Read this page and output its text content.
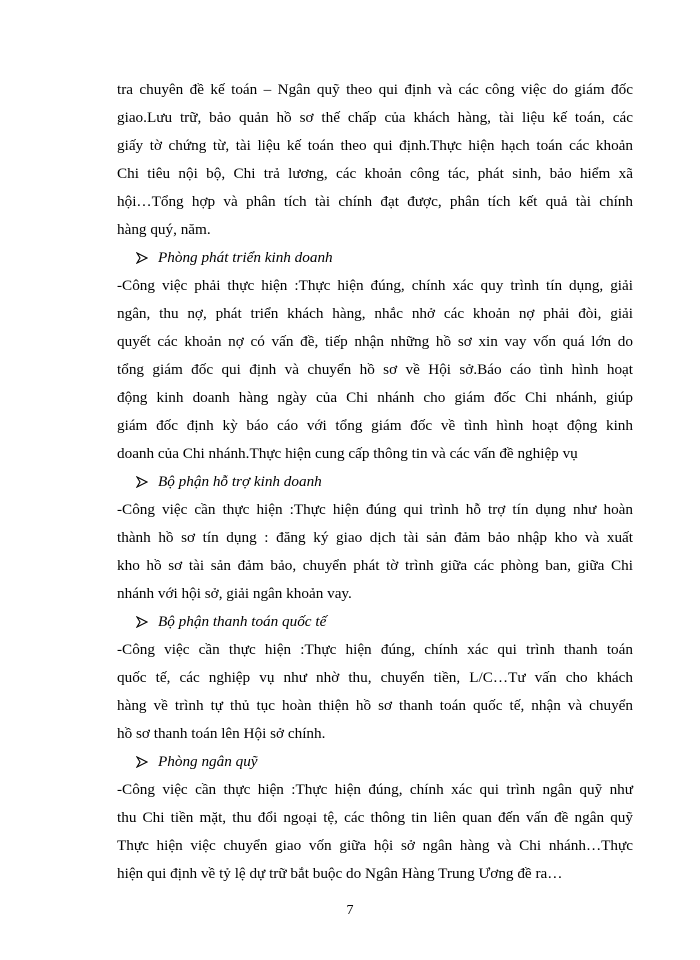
tra chuyên đề kế toán – Ngân quỹ theo qui định và các công việc do giám đốc
giao.Lưu trữ, bảo quản hồ sơ thế chấp của khách hàng, tài liệu kế toán, các
giấy tờ chứng từ, tài liệu kế toán theo qui định.Thực hiện hạch toán các khoản
Chi tiêu nội bộ, Chi trả lương, các khoản công tác, phát sinh, bảo hiểm xã
hội…Tổng hợp và phân tích tài chính đạt được, phân tích kết quả tài chính
hàng quý, năm.
Phòng phát triển kinh doanh
-Công việc phải thực hiện :Thực hiện đúng, chính xác quy trình tín dụng, giải
ngân, thu nợ, phát triển khách hàng, nhắc nhở các khoản nợ phải đòi, giải
quyết các khoản nợ có vấn đề, tiếp nhận những hồ sơ xin vay vốn quá lớn do
tổng giám đốc qui định và chuyển hồ sơ về Hội sở.Báo cáo tình hình hoạt
động kinh doanh hàng ngày của Chi nhánh cho giám đốc Chi nhánh, giúp
giám đốc định kỳ báo cáo với tổng giám đốc về tình hình hoạt động kinh
doanh của Chi nhánh.Thực hiện cung cấp thông tin và các vấn đề nghiệp vụ
Bộ phận hỗ trợ kinh doanh
-Công việc cần thực hiện :Thực hiện đúng qui trình hỗ trợ tín dụng như hoàn
thành hồ sơ tín dụng : đăng ký giao dịch tài sản đảm bảo nhập kho và xuất
kho hồ sơ tài sản đảm bảo, chuyển phát tờ trình giữa các phòng ban, giữa Chi
nhánh với hội sở, giải ngân khoản vay.
Bộ phận thanh toán quốc tế
-Công việc cần thực hiện :Thực hiện đúng, chính xác qui trình thanh toán
quốc tế, các nghiệp vụ như nhờ thu, chuyển tiền, L/C…Tư vấn cho khách
hàng về trình tự thủ tục hoàn thiện hồ sơ thanh toán quốc tế, nhận và chuyển
hồ sơ thanh toán lên Hội sở chính.
Phòng ngân quỹ
-Công việc cần thực hiện :Thực hiện đúng, chính xác qui trình ngân quỹ như
thu Chi tiền mặt, thu đổi ngoại tệ, các thông tin liên quan đến vấn đề ngân quỹ
Thực hiện việc chuyển giao vốn giữa hội sở ngân hàng và Chi nhánh…Thực
hiện qui định về tỷ lệ dự trữ bắt buộc do Ngân Hàng Trung Ương đề ra…
7
